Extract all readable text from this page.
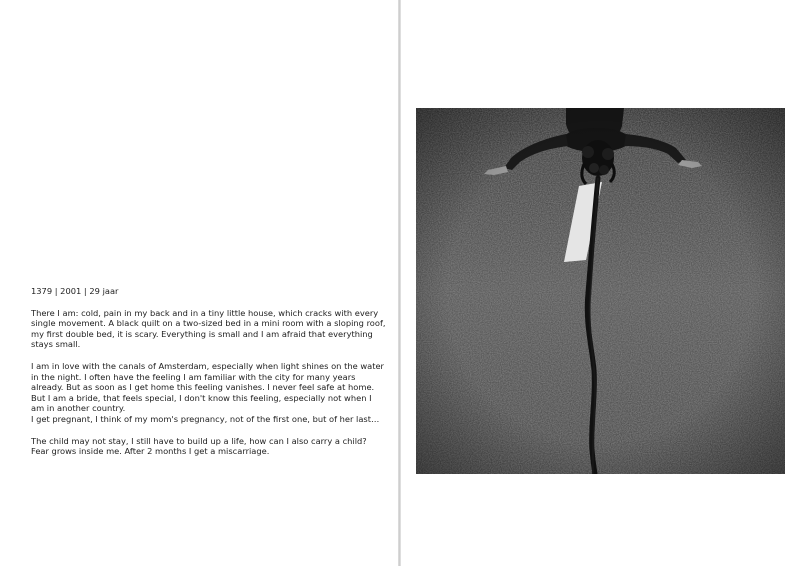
1379 | 2001 | 29 jaar

There I am: cold, pain in my back and in a tiny little house, which cracks with every single movement. A black quilt on a two-sized bed in a mini room with a sloping roof, my first double bed, it is scary. Everything is small and I am afraid that everything stays small.

I am in love with the canals of Amsterdam, especially when light shines on the water in the night. I often have the feeling I am familiar with the city for many years already. But as soon as I get home this feeling vanishes. I never feel safe at home. But I am a bride, that feels special, I don't know this feeling, especially not when I am in another country.

I get pregnant, I think of my mom's pregnancy, not of the first one, but of her last…

The child may not stay, I still have to build up a life, how can I also carry a child? Fear grows inside me. After 2 months I get a miscarriage.
